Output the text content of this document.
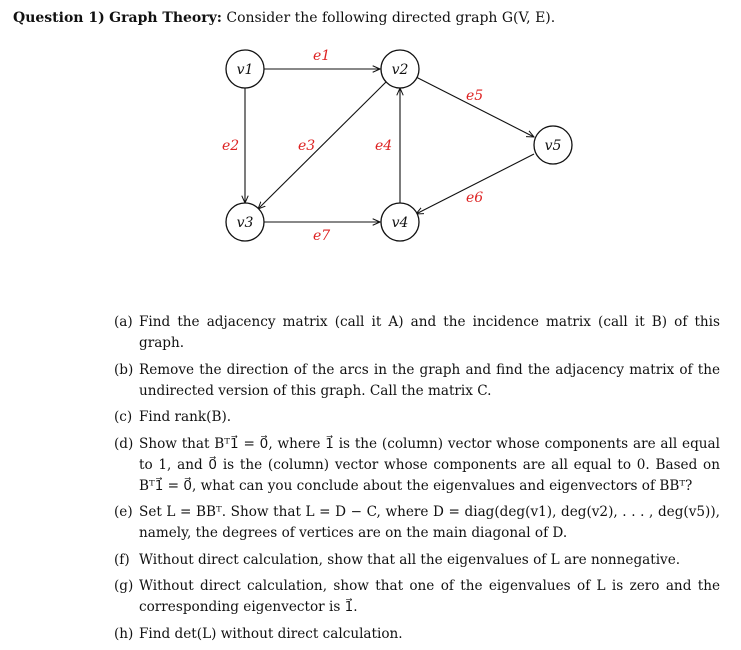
Question 1) Graph Theory: Consider the following directed graph G(V, E).
e1
e2	e3	e4
e5
e6
e7
v1	v2
v3	v4
v5
(a) Find the adjacency matrix (call it A) and the incidence matrix (call it B) of this graph.
(b) Remove the direction of the arcs in the graph and find the adjacency matrix of the undirected version of this graph. Call the matrix C.
(c) Find rank(B).
(d) Show that Bᵀ1⃗ = 0⃗, where 1⃗ is the (column) vector whose components are all equal to 1, and 0⃗ is the (column) vector whose components are all equal to 0. Based on Bᵀ1⃗ = 0⃗, what can you conclude about the eigenvalues and eigenvectors of BBᵀ?
(e) Set L = BBᵀ. Show that L = D − C, where D = diag(deg(v1), deg(v2), . . . , deg(v5)), namely, the degrees of vertices are on the main diagonal of D.
(f) Without direct calculation, show that all the eigenvalues of L are nonnegative.
(g) Without direct calculation, show that one of the eigenvalues of L is zero and the corresponding eigenvector is 1⃗.
(h) Find det(L) without direct calculation.
